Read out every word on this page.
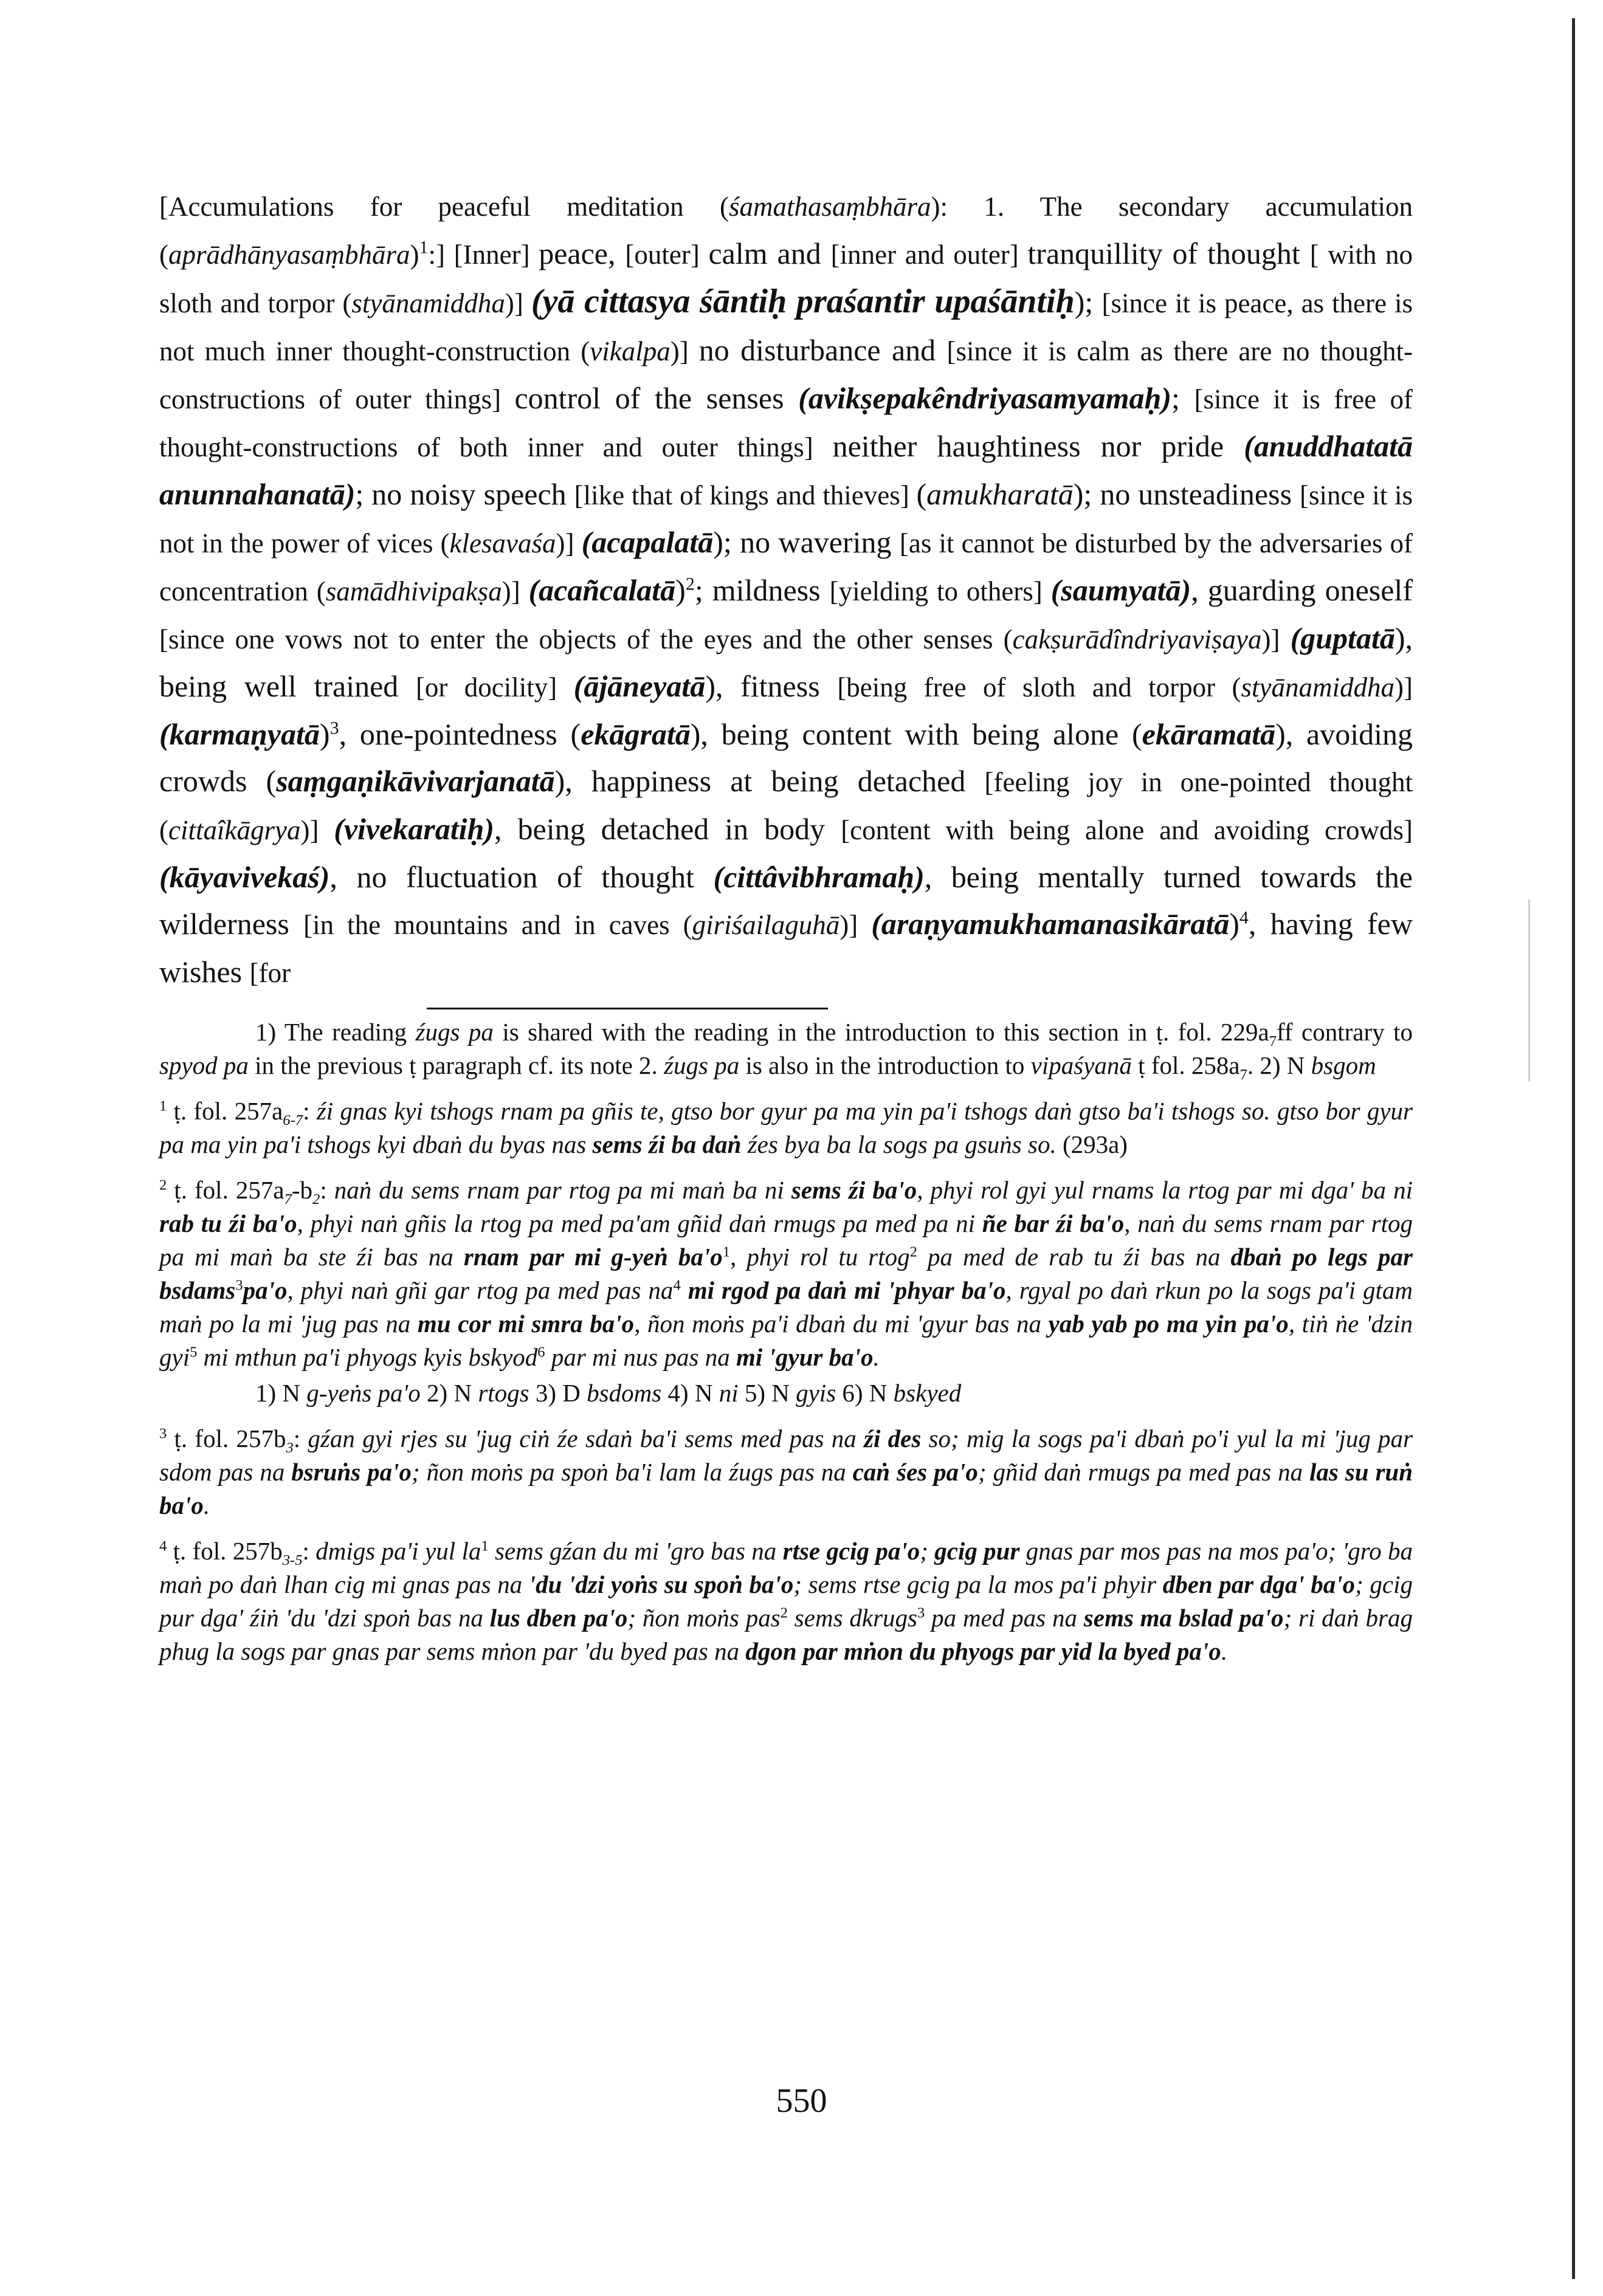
[Accumulations for peaceful meditation (śamathasaṃbhāra): 1. The secondary accumulation (aprādhānyasaṃbhāra)$^1$:] [Inner] peace, [outer] calm and [inner and outer] tranquillity of thought [ with no sloth and torpor (styānamiddha)] (yā cittasya śāntiḥ praśantir upaśāntiḥ); [since it is peace, as there is not much inner thought-construction (vikalpa)] no disturbance and [since it is calm as there are no thought-constructions of outer things] control of the senses (avikṣepakêndriyasamyamaḥ); [since it is free of thought-constructions of both inner and outer things] neither haughtiness nor pride (anuddhatatā anunnahanatā); no noisy speech [like that of kings and thieves] (amukharatā); no unsteadiness [since it is not in the power of vices (klesavaśa)] (acapalatā); no wavering [as it cannot be disturbed by the adversaries of concentration (samādhivipakṣa)] (acañcalatā)$^2$; mildness [yielding to others] (saumyatā), guarding oneself [since one vows not to enter the objects of the eyes and the other senses (cakṣurādîndriyaviṣaya)] (guptatā), being well trained [or docility] (ājāneyatā), fitness [being free of sloth and torpor (styānamiddha)] (karmaṇyatā)$^3$, one-pointedness (ekāgratā), being content with being alone (ekāramatā), avoiding crowds (saṃgaṇikāvivarjanatā), happiness at being detached [feeling joy in one-pointed thought (cittaîkāgrya)] (vivekaratiḥ), being detached in body [content with being alone and avoiding crowds] (kāyavivekaś), no fluctuation of thought (cittâvibhramaḥ), being mentally turned towards the wilderness [in the mountains and in caves (giriśailaguhā)] (araṇyamukhamanasikāratā)$^4$, having few wishes [for

1) The reading źugs pa is shared with the reading in the introduction to this section in ṭ. fol. $229a_7ff$ contrary to spyod pa in the previous ṭ paragraph cf. its note 2. źugs pa is also in the introduction to vipaśyanā ṭ fol. $258a_7$. 2) N bsgom

$^1$ ṭ. fol. $257a_{6-7}$: źi gnas kyi tshogs rnam pa gñis te, gtso bor gyur pa ma yin pa'i tshogs daṅ gtso ba'i tshogs so. gtso bor gyur pa ma yin pa'i tshogs kyi dbaṅ du byas nas sems źi ba daṅ źes bya ba la sogs pa gsuṅs so. (293a)

$^2$ ṭ. fol. $257a_7-b_2$: naṅ du sems rnam par rtog pa mi maṅ ba ni sems źi ba'o, phyi rol gyi yul rnams la rtog par mi dga' ba ni rab tu źi ba'o, phyi naṅ gñis la rtog pa med pa'am gñid daṅ rmugs pa med pa ni ñe bar źi ba'o, naṅ du sems rnam par rtog pa mi maṅ ba ste źi bas na rnam par mi g-yeṅ $ba'o^1$, phyi rol tu rtog$^2$ pa med de rab tu źi bas na dbaṅ po legs par bsdams$^3$pa'o, phyi naṅ gñi gar rtog pa med pas $na^4$ mi rgod pa daṅ mi 'phyar ba'o, rgyal po daṅ rkun po la sogs pa'i gtam maṅ po la mi 'jug pas na mu cor mi smra ba'o, ñon moṅs pa'i dbaṅ du mi 'gyur bas na yab yab po ma yin pa'o, tiṅ ṅe 'dzin gyi$^5$ mi mthun pa'i phyogs kyis bskyod$^6$ par mi nus pas na mi 'gyur ba'o.

1) N g-yeṅs pa'o 2) N rtogs 3) D bsdoms 4) N ni 5) N gyis 6) N bskyed

$^3$ ṭ. fol. $257b_3$: gźan gyi rjes su 'jug ciṅ źe sdaṅ ba'i sems med pas na źi des so; mig la sogs pa'i dbaṅ po'i yul la mi 'jug par sdom pas na bsruṅs pa'o; ñon moṅs pa spoṅ ba'i lam la źugs pas na caṅ śes pa'o; gñid daṅ rmugs pa med pas na las su ruṅ ba'o.

$^4$ ṭ. fol. $257b_{3-5}$: dmigs pa'i yul $la^1$ sems gźan du mi 'gro bas na rtse gcig pa'o; gcig pur gnas par mos pas na mos pa'o; 'gro ba maṅ po daṅ lhan cig mi gnas pas na 'du 'dzi yoṅs su spoṅ ba'o; sems rtse gcig pa la mos pa'i phyir dben par dga' ba'o; gcig pur dga' źiṅ 'du 'dzi spoṅ bas na lus dben pa'o; ñon moṅs pas$^2$ sems dkrugs$^3$ pa med pas na sems ma bslad pa'o; ri daṅ brag phug la sogs par gnas par sems mṅon par 'du byed pas na dgon par mṅon du phyogs par yid la byed pa'o.

550
